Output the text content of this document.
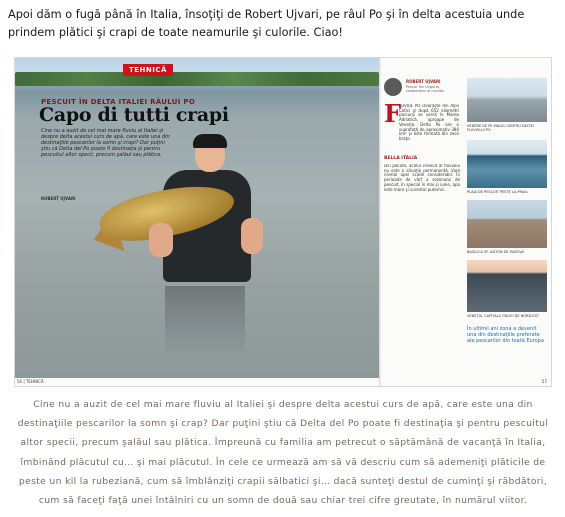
Apoi dăm o fugă până în Italia, însoţiţi de Robert Ujvari, pe râul Po şi în delta acestuia unde prindem plătici şi crapi de toate neamurile şi culorile. Ciao!
TEHNICĂ
PESCUIT ÎN DELTA ITALIEI RÂULUI PO
Capo di tutti crapi
Cine nu a auzit de cel mai mare fluviu al Italiei şi despre delta acestui curs de apă, care este una din destinaţiile pescarilor la somn şi crapi? Dar puţini ştiu că Delta del Po poate fi destinaţia şi pentru pescuitul altor specii, precum şalăul sau plătica.
ROBERT UJVARI
56 | TEHNICĂ
ROBERT UJVARI
Pescar din Ungaria, colaborator al revistei
F
LUVIUL PO izvorăşte din Alpii Cotici şi după 652 kilometri parcurşi se varsă în Marea Adriatică, aproape de Veneţia. Delta Po are o suprafaţă de aproximativ 380 km² şi este formată din zece braţe.
BELLA ITALIA
Din păcate, acolul crescut al fluviului nu este o situaţie permanentă. Vara nivelul apei scade considerabil. În perioada de vârf a sezonului de pescuit, în special în mai şi iunie, apa este mare şi curentul puternic.
VEDERE DE PE MALUL CENTRU DELTEI FLUVIULUI PO
PLAJA DE PESCUIT PESTE LA PRAIA
BAZILICA SF. ANTON DE PADOVA
VENEŢIA, CAPITALA ITALIEI DE NORD-EST
În ultimii ani zona a devenit una din destinaţiile preferate ale pescarilor din toată Europa
57
Cine nu a auzit de cel mai mare fluviu al Italiei şi despre delta acestui curs de apă, care este una din destinaţiile pescarilor la somn şi crap? Dar puţini ştiu că Delta del Po poate fi destinaţia şi pentru pescuitul altor specii, precum şalăul sau plătica. Împreună cu familia am petrecut o săptămână de vacanţă în Italia, îmbinând plăcutul cu… şi mai plăcutul. În cele ce urmează am să vă descriu cum să ademeniţi plăticile de peste un kil la rubeziană, cum să îmblânziţi crapii sălbatici şi… dacă sunteţi destul de cuminţi şi răbdători, cum să faceţi faţă unei întâlniri cu un somn de două sau chiar trei cifre greutate, în numărul viitor.
